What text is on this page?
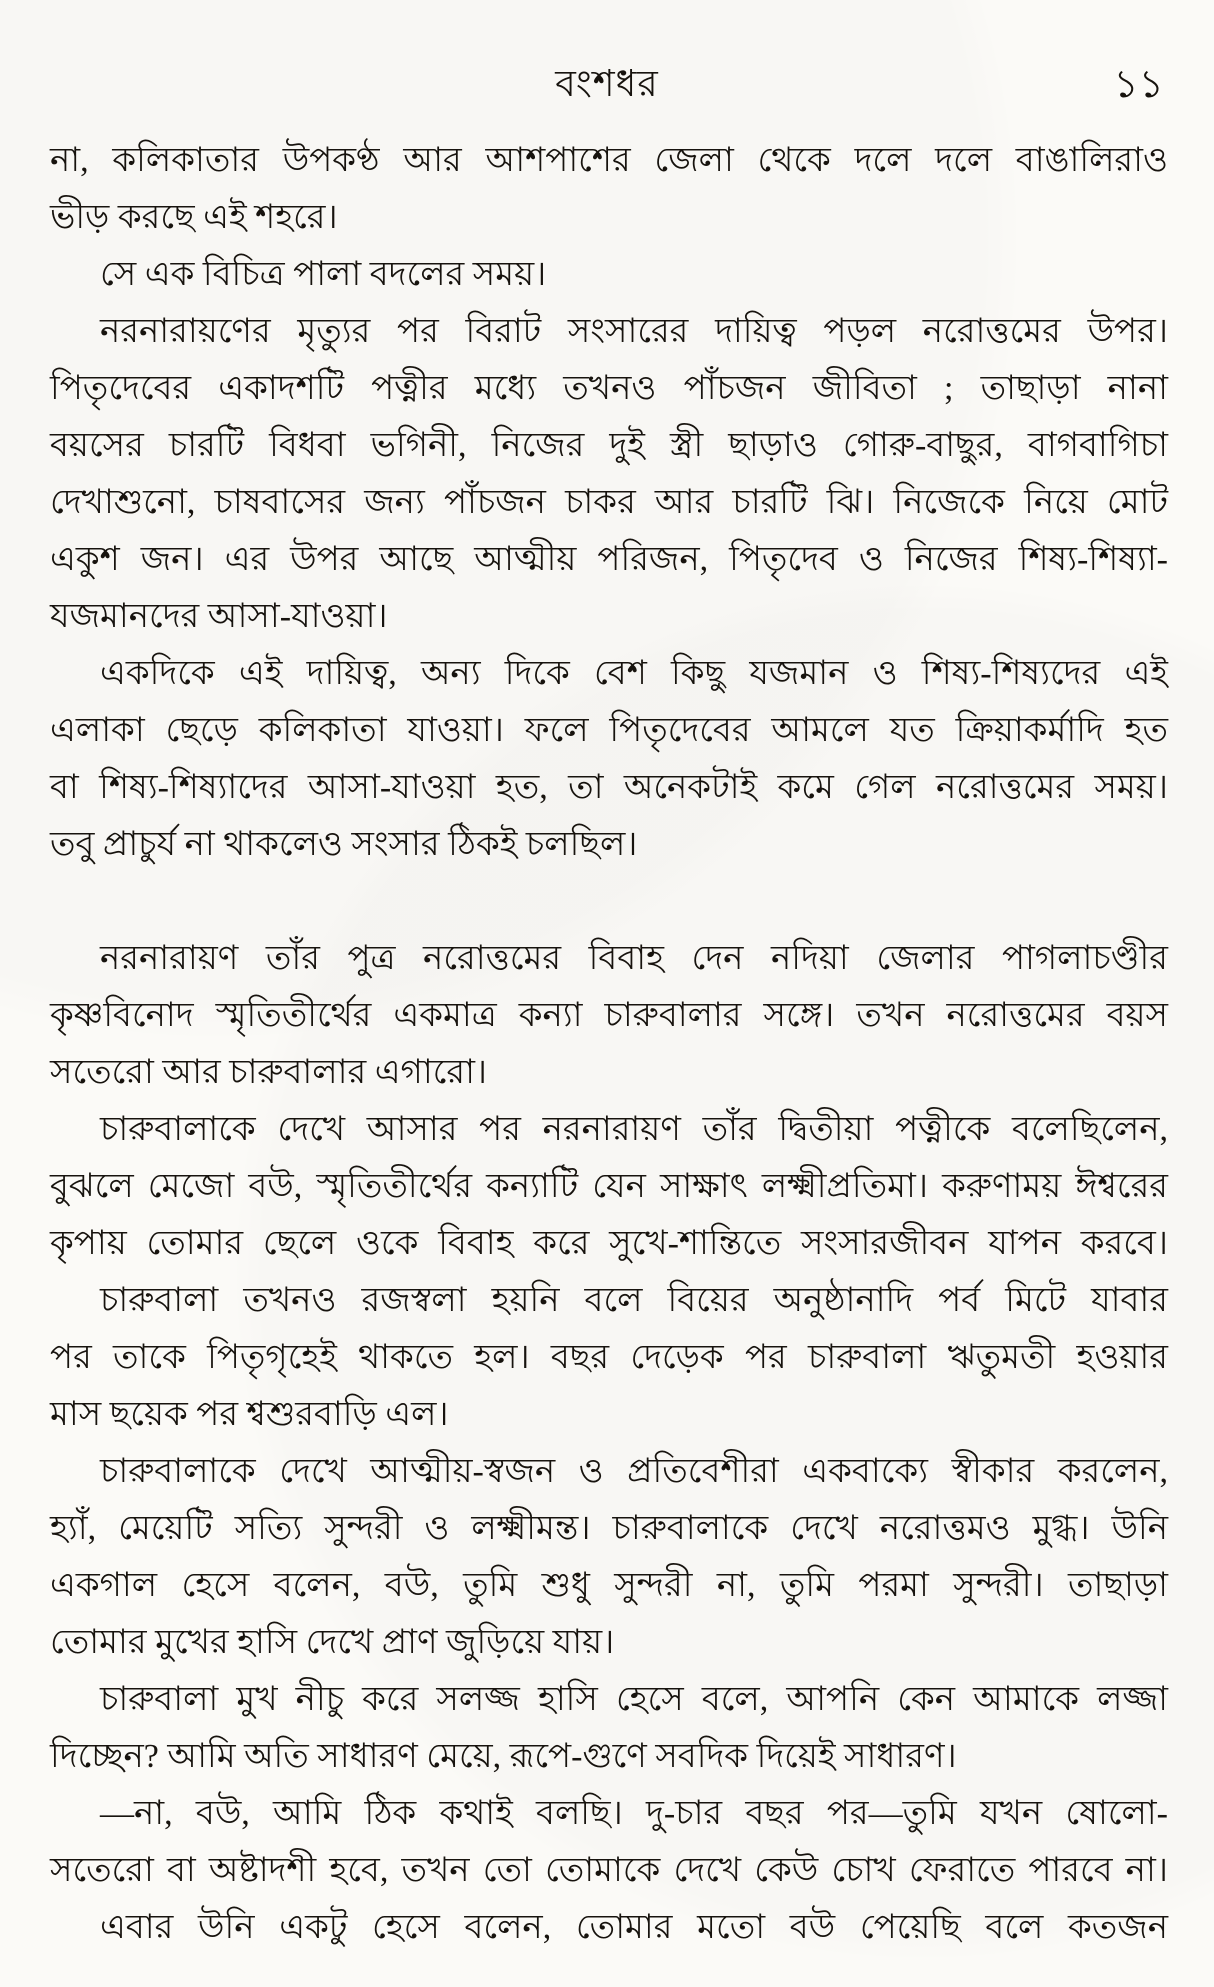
বংশধর	১১
না, কলিকাতার উপকণ্ঠ আর আশপাশের জেলা থেকে দলে দলে বাঙালিরাও
ভীড় করছে এই শহরে।
সে এক বিচিত্র পালা বদলের সময়।
নরনারায়ণের মৃত্যুর পর বিরাট সংসারের দায়িত্ব পড়ল নরোত্তমের উপর।
পিতৃদেবের একাদশটি পত্নীর মধ্যে তখনও পাঁচজন জীবিতা ; তাছাড়া নানা
বয়সের চারটি বিধবা ভগিনী, নিজের দুই স্ত্রী ছাড়াও গোরু-বাছুর, বাগবাগিচা
দেখাশুনো, চাষবাসের জন্য পাঁচজন চাকর আর চারটি ঝি। নিজেকে নিয়ে মোট
একুশ জন। এর উপর আছে আত্মীয় পরিজন, পিতৃদেব ও নিজের শিষ্য-শিষ্যা-
যজমানদের আসা-যাওয়া।
একদিকে এই দায়িত্ব, অন্য দিকে বেশ কিছু যজমান ও শিষ্য-শিষ্যদের এই
এলাকা ছেড়ে কলিকাতা যাওয়া। ফলে পিতৃদেবের আমলে যত ক্রিয়াকর্মাদি হত
বা শিষ্য-শিষ্যাদের আসা-যাওয়া হত, তা অনেকটাই কমে গেল নরোত্তমের সময়।
তবু প্রাচুর্য না থাকলেও সংসার ঠিকই চলছিল।
নরনারায়ণ তাঁর পুত্র নরোত্তমের বিবাহ দেন নদিয়া জেলার পাগলাচণ্ডীর
কৃষ্ণবিনোদ স্মৃতিতীর্থের একমাত্র কন্যা চারুবালার সঙ্গে। তখন নরোত্তমের বয়স
সতেরো আর চারুবালার এগারো।
চারুবালাকে দেখে আসার পর নরনারায়ণ তাঁর দ্বিতীয়া পত্নীকে বলেছিলেন,
বুঝলে মেজো বউ, স্মৃতিতীর্থের কন্যাটি যেন সাক্ষাৎ লক্ষ্মীপ্রতিমা। করুণাময় ঈশ্বরের
কৃপায় তোমার ছেলে ওকে বিবাহ করে সুখে-শান্তিতে সংসারজীবন যাপন করবে।
চারুবালা তখনও রজস্বলা হয়নি বলে বিয়ের অনুষ্ঠানাদি পর্ব মিটে যাবার
পর তাকে পিতৃগৃহেই থাকতে হল। বছর দেড়েক পর চারুবালা ঋতুমতী হওয়ার
মাস ছয়েক পর শ্বশুরবাড়ি এল।
চারুবালাকে দেখে আত্মীয়-স্বজন ও প্রতিবেশীরা একবাক্যে স্বীকার করলেন,
হ্যাঁ, মেয়েটি সত্যি সুন্দরী ও লক্ষ্মীমন্ত। চারুবালাকে দেখে নরোত্তমও মুগ্ধ। উনি
একগাল হেসে বলেন, বউ, তুমি শুধু সুন্দরী না, তুমি পরমা সুন্দরী। তাছাড়া
তোমার মুখের হাসি দেখে প্রাণ জুড়িয়ে যায়।
চারুবালা মুখ নীচু করে সলজ্জ হাসি হেসে বলে, আপনি কেন আমাকে লজ্জা
দিচ্ছেন? আমি অতি সাধারণ মেয়ে, রূপে-গুণে সবদিক দিয়েই সাধারণ।
—না, বউ, আমি ঠিক কথাই বলছি। দু-চার বছর পর—তুমি যখন ষোলো-
সতেরো বা অষ্টাদশী হবে, তখন তো তোমাকে দেখে কেউ চোখ ফেরাতে পারবে না।
এবার উনি একটু হেসে বলেন, তোমার মতো বউ পেয়েছি বলে কতজন
